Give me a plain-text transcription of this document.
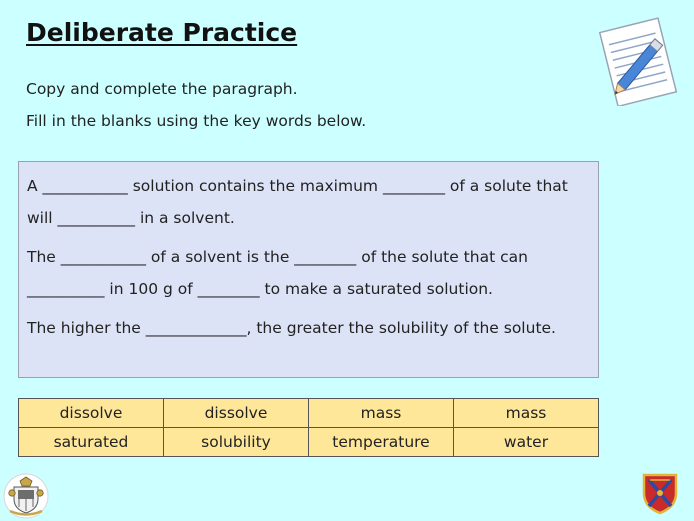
Deliberate Practice

Copy and complete the paragraph.

Fill in the blanks using the key words below.

A ___________ solution contains the maximum ________ of a solute that will __________ in a solvent.

The ___________ of a solvent is the ________ of the solute that can __________ in 100 g of ________ to make a saturated solution.

The higher the _____________, the greater the solubility of the solute.

dissolve	dissolve	mass	mass
saturated	solubility	temperature	water
